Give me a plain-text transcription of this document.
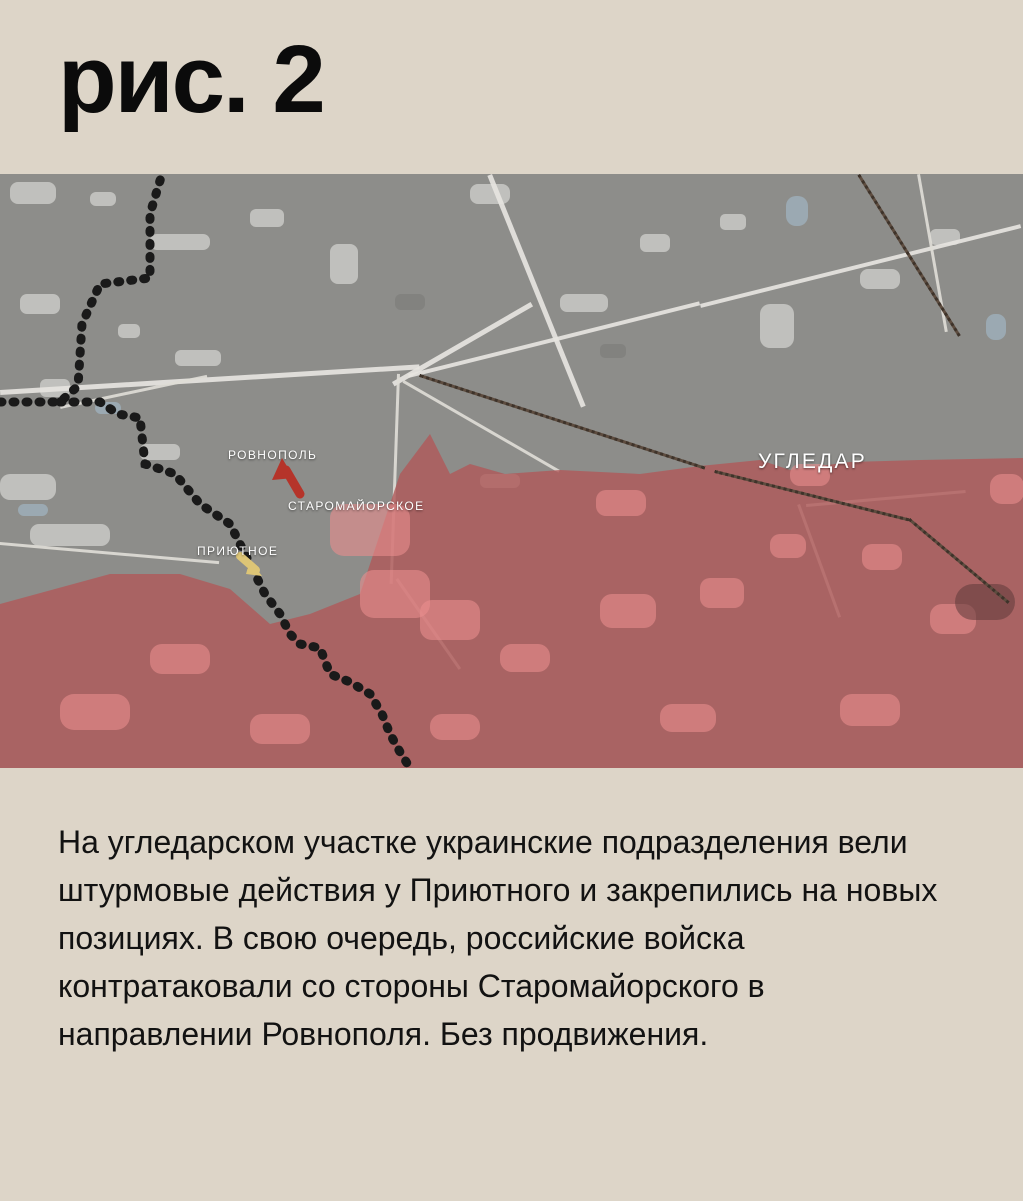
рис. 2
РОВНОПОЛЬ
СТАРОМАЙОРСКОЕ
ПРИЮТНОЕ
УГЛЕДАР

На угледарском участке украинские подразделения вели штурмовые действия у Приютного и закрепились на новых позициях. В свою очередь, российские войска контратаковали со стороны Старомайорского в направлении Ровнополя. Без продвижения.
